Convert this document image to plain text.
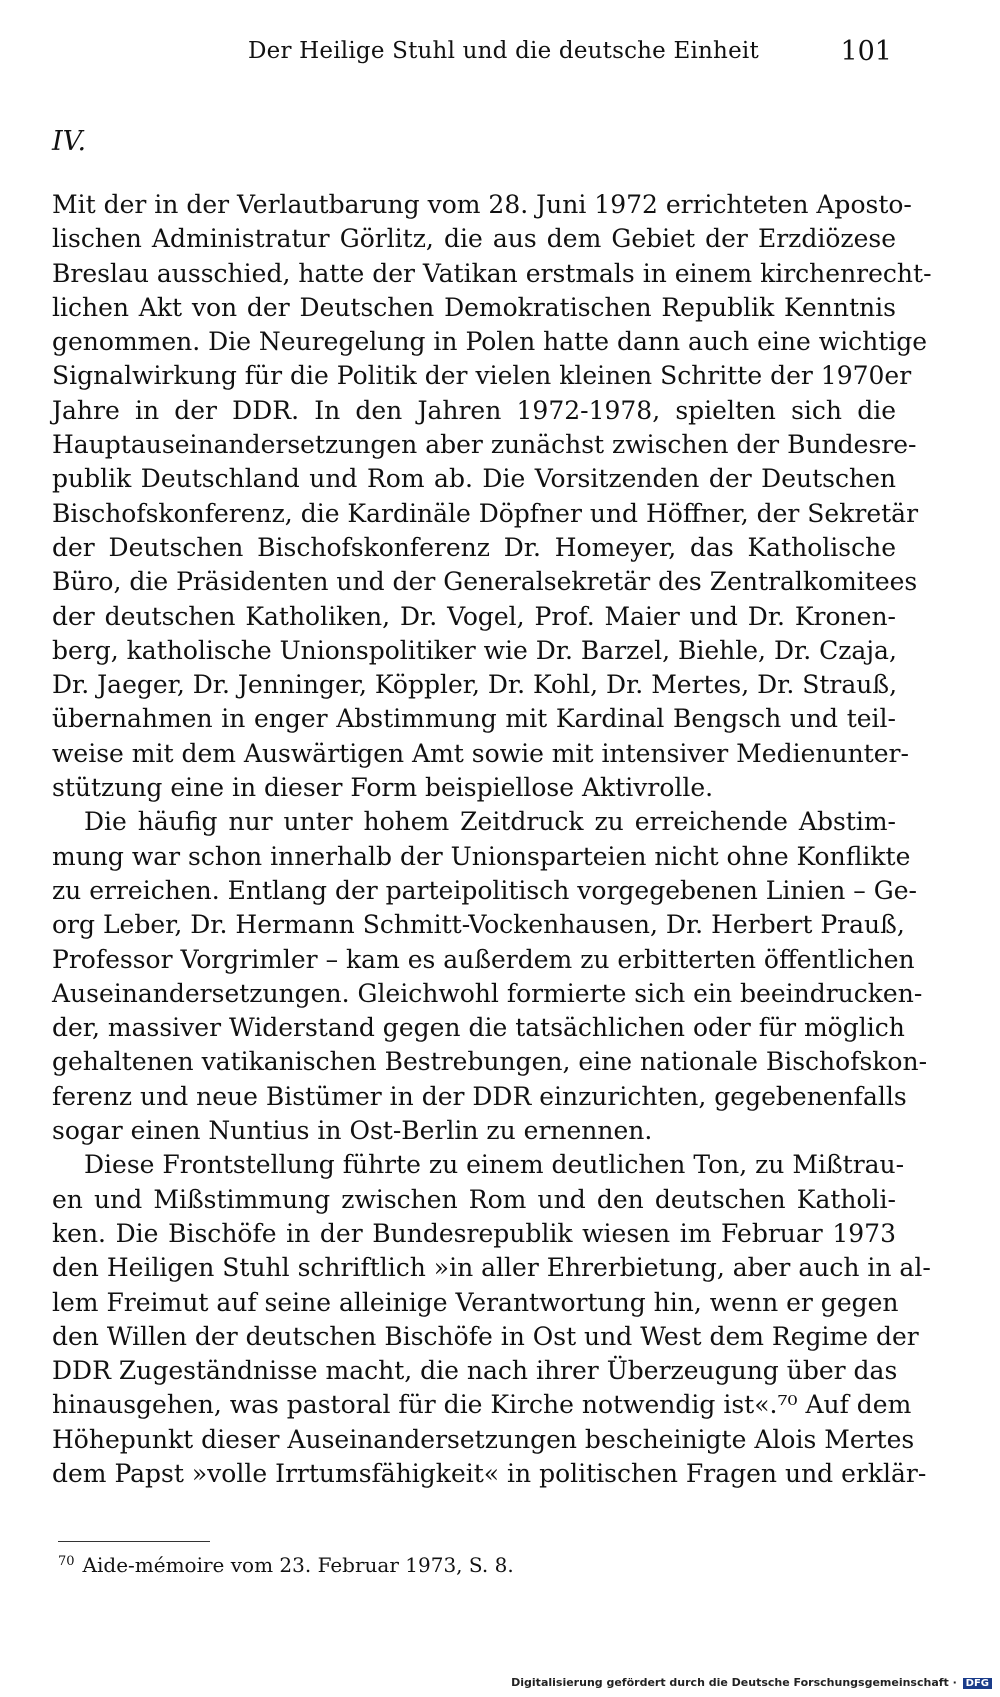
Der Heilige Stuhl und die deutsche Einheit	101
IV.
Mit der in der Verlautbarung vom 28. Juni 1972 errichteten Aposto-
lischen Administratur Görlitz, die aus dem Gebiet der Erzdiözese
Breslau ausschied, hatte der Vatikan erstmals in einem kirchenrecht-
lichen Akt von der Deutschen Demokratischen Republik Kenntnis
genommen. Die Neuregelung in Polen hatte dann auch eine wichtige
Signalwirkung für die Politik der vielen kleinen Schritte der 1970er
Jahre in der DDR. In den Jahren 1972-1978, spielten sich die
Hauptauseinandersetzungen aber zunächst zwischen der Bundesre-
publik Deutschland und Rom ab. Die Vorsitzenden der Deutschen
Bischofskonferenz, die Kardinäle Döpfner und Höffner, der Sekretär
der Deutschen Bischofskonferenz Dr. Homeyer, das Katholische
Büro, die Präsidenten und der Generalsekretär des Zentralkomitees
der deutschen Katholiken, Dr. Vogel, Prof. Maier und Dr. Kronen-
berg, katholische Unionspolitiker wie Dr. Barzel, Biehle, Dr. Czaja,
Dr. Jaeger, Dr. Jenninger, Köppler, Dr. Kohl, Dr. Mertes, Dr. Strauß,
übernahmen in enger Abstimmung mit Kardinal Bengsch und teil-
weise mit dem Auswärtigen Amt sowie mit intensiver Medienunter-
stützung eine in dieser Form beispiellose Aktivrolle.
Die häufig nur unter hohem Zeitdruck zu erreichende Abstim-
mung war schon innerhalb der Unionsparteien nicht ohne Konflikte
zu erreichen. Entlang der parteipolitisch vorgegebenen Linien – Ge-
org Leber, Dr. Hermann Schmitt-Vockenhausen, Dr. Herbert Prauß,
Professor Vorgrimler – kam es außerdem zu erbitterten öffentlichen
Auseinandersetzungen. Gleichwohl formierte sich ein beeindrucken-
der, massiver Widerstand gegen die tatsächlichen oder für möglich
gehaltenen vatikanischen Bestrebungen, eine nationale Bischofskon-
ferenz und neue Bistümer in der DDR einzurichten, gegebenenfalls
sogar einen Nuntius in Ost-Berlin zu ernennen.
Diese Frontstellung führte zu einem deutlichen Ton, zu Mißtrau-
en und Mißstimmung zwischen Rom und den deutschen Katholi-
ken. Die Bischöfe in der Bundesrepublik wiesen im Februar 1973
den Heiligen Stuhl schriftlich »in aller Ehrerbietung, aber auch in al-
lem Freimut auf seine alleinige Verantwortung hin, wenn er gegen
den Willen der deutschen Bischöfe in Ost und West dem Regime der
DDR Zugeständnisse macht, die nach ihrer Überzeugung über das
hinausgehen, was pastoral für die Kirche notwendig ist«.⁷⁰ Auf dem
Höhepunkt dieser Auseinandersetzungen bescheinigte Alois Mertes
dem Papst »volle Irrtumsfähigkeit« in politischen Fragen und erklär-
$^{70}$ Aide-mémoire vom 23. Februar 1973, S. 8.
Digitalisierung gefördert durch die Deutsche Forschungsgemeinschaft · DFG
